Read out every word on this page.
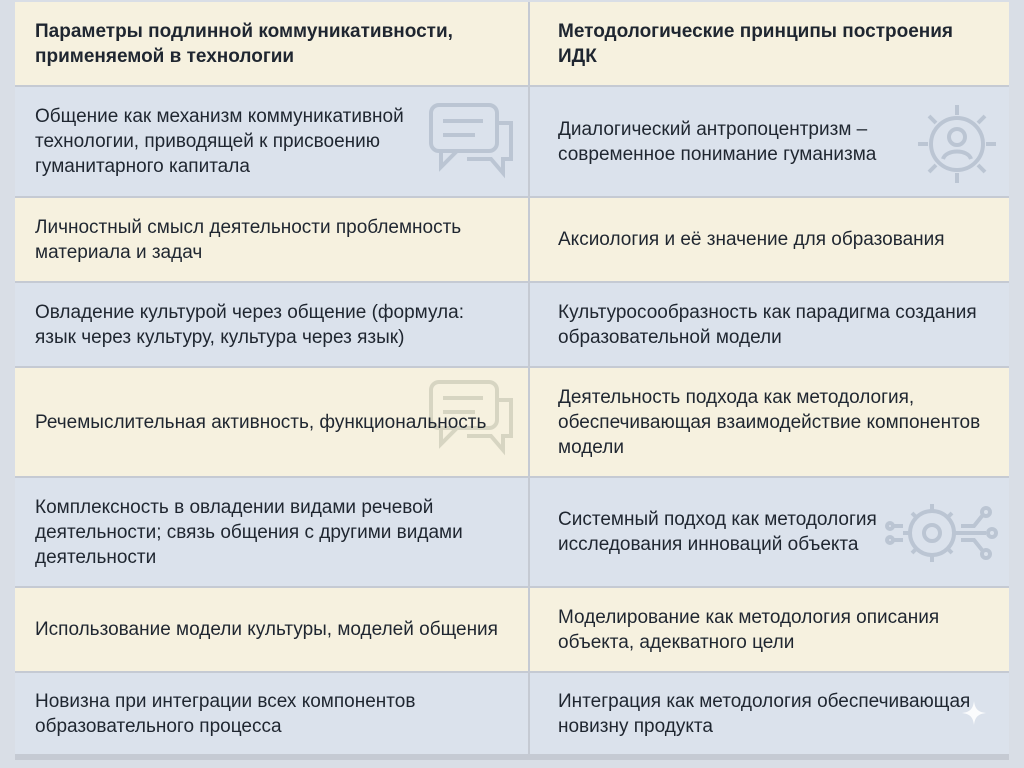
Параметры подлинной коммуникативности, применяемой в технологии
Методологические принципы построения ИДК
Общение как механизм коммуникативной технологии, приводящей к присвоению гуманитарного капитала
Диалогический антропоцентризм – современное понимание гуманизма
Личностный смысл деятельности проблемность материала и задач
Аксиология и её значение для образования
Овладение культурой через общение (формула: язык через культуру, культура через язык)
Культуросообразность как парадигма создания образовательной модели
Речемыслительная активность, функциональность
Деятельность подхода как методология, обеспечивающая взаимодействие компонентов модели
Комплексность в овладении видами речевой деятельности; связь общения с другими видами деятельности
Системный подход как методология исследования инноваций объекта
Использование модели культуры, моделей общения
Моделирование как методология описания объекта, адекватного цели
Новизна при интеграции всех компонентов образовательного процесса
Интеграция как методология обеспечивающая новизну продукта
